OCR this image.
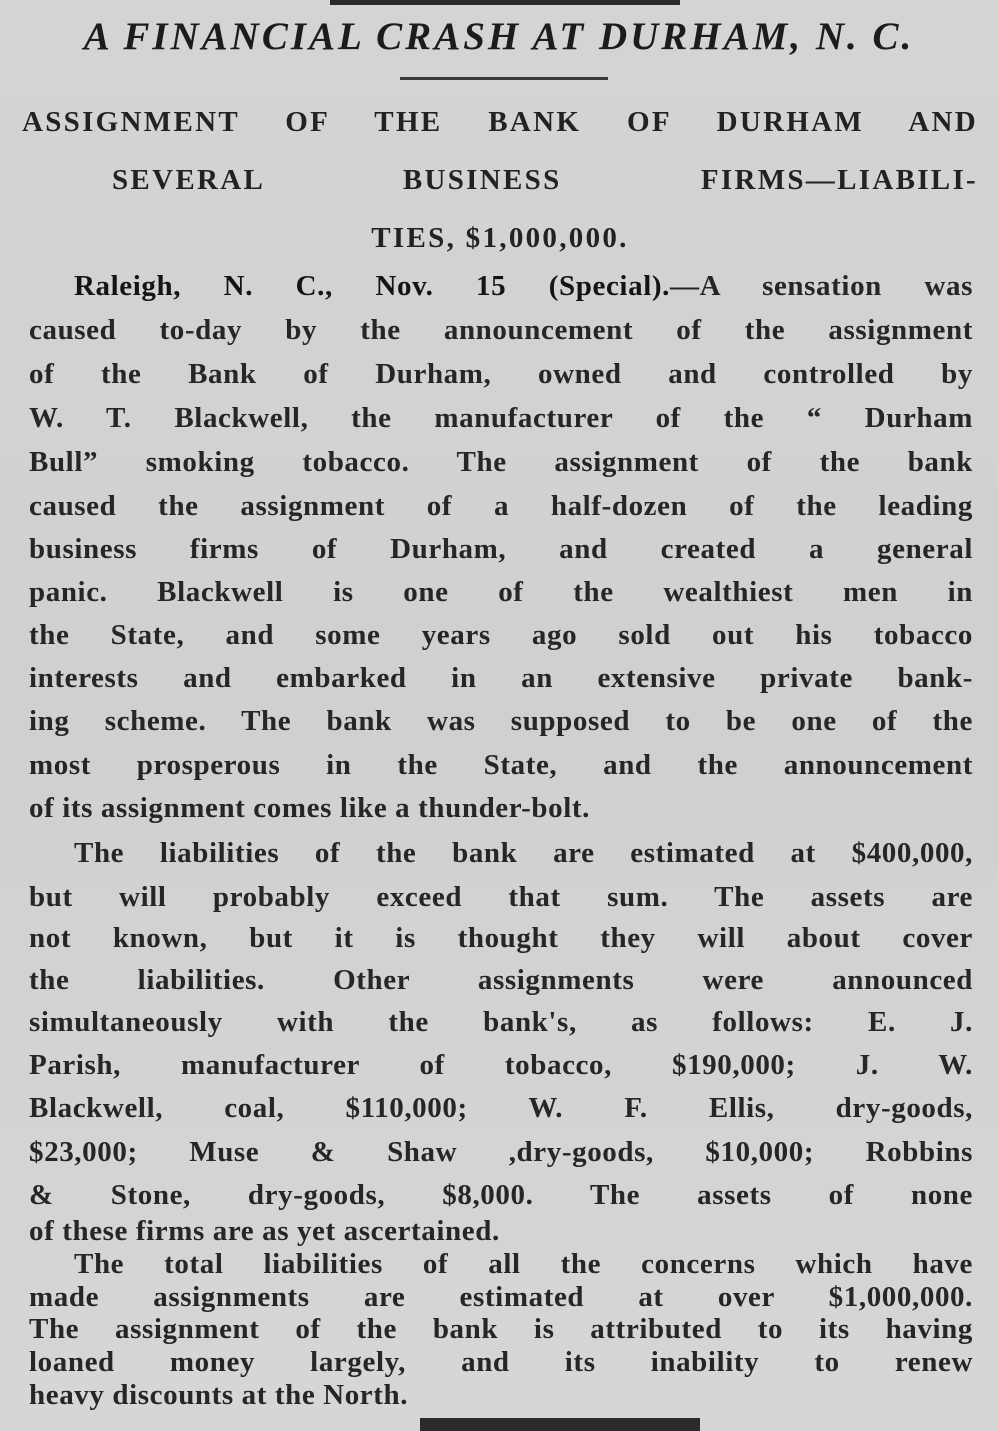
A FINANCIAL CRASH AT DURHAM, N. C.
ASSIGNMENT OF THE BANK OF DURHAM AND
SEVERAL BUSINESS FIRMS—LIABILI-
TIES, $1,000,000.
Raleigh, N. C., Nov. 15 (Special).—A sensation was
caused to-day by the announcement of the assignment
of the Bank of Durham, owned and controlled by
W. T. Blackwell, the manufacturer of the “ Durham
Bull” smoking tobacco. The assignment of the bank
caused the assignment of a half-dozen of the leading
business firms of Durham, and created a general
panic. Blackwell is one of the wealthiest men in
the State, and some years ago sold out his tobacco
interests and embarked in an extensive private bank-
ing scheme. The bank was supposed to be one of the
most prosperous in the State, and the announcement
of its assignment comes like a thunder-bolt.
The liabilities of the bank are estimated at $400,000,
but will probably exceed that sum. The assets are
not known, but it is thought they will about cover
the liabilities. Other assignments were announced
simultaneously with the bank's, as follows: E. J.
Parish, manufacturer of tobacco, $190,000; J. W.
Blackwell, coal, $110,000; W. F. Ellis, dry-goods,
$23,000; Muse & Shaw ,dry-goods, $10,000; Robbins
& Stone, dry-goods, $8,000. The assets of none
of these firms are as yet ascertained.
The total liabilities of all the concerns which have
made assignments are estimated at over $1,000,000.
The assignment of the bank is attributed to its having
loaned money largely, and its inability to renew
heavy discounts at the North.
